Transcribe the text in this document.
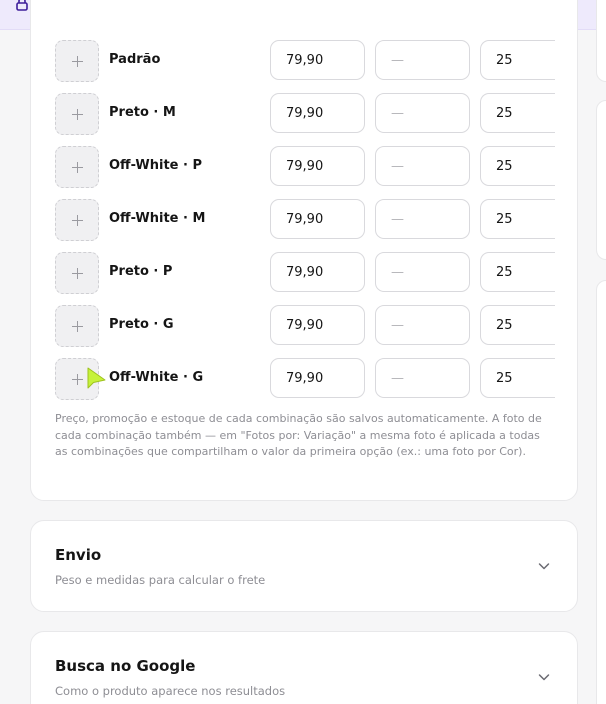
Padrão	79,90	—	25
Preto · M	79,90	—	25
Off-White · P	79,90	—	25
Off-White · M	79,90	—	25
Preto · P	79,90	—	25
Preto · G	79,90	—	25
Off-White · G	79,90	—	25

Preço, promoção e estoque de cada combinação são salvos automaticamente. A foto de cada combinação também — em "Fotos por: Variação" a mesma foto é aplicada a todas as combinações que compartilham o valor da primeira opção (ex.: uma foto por Cor).

Envio
Peso e medidas para calcular o frete
Busca no Google
Como o produto aparece nos resultados
